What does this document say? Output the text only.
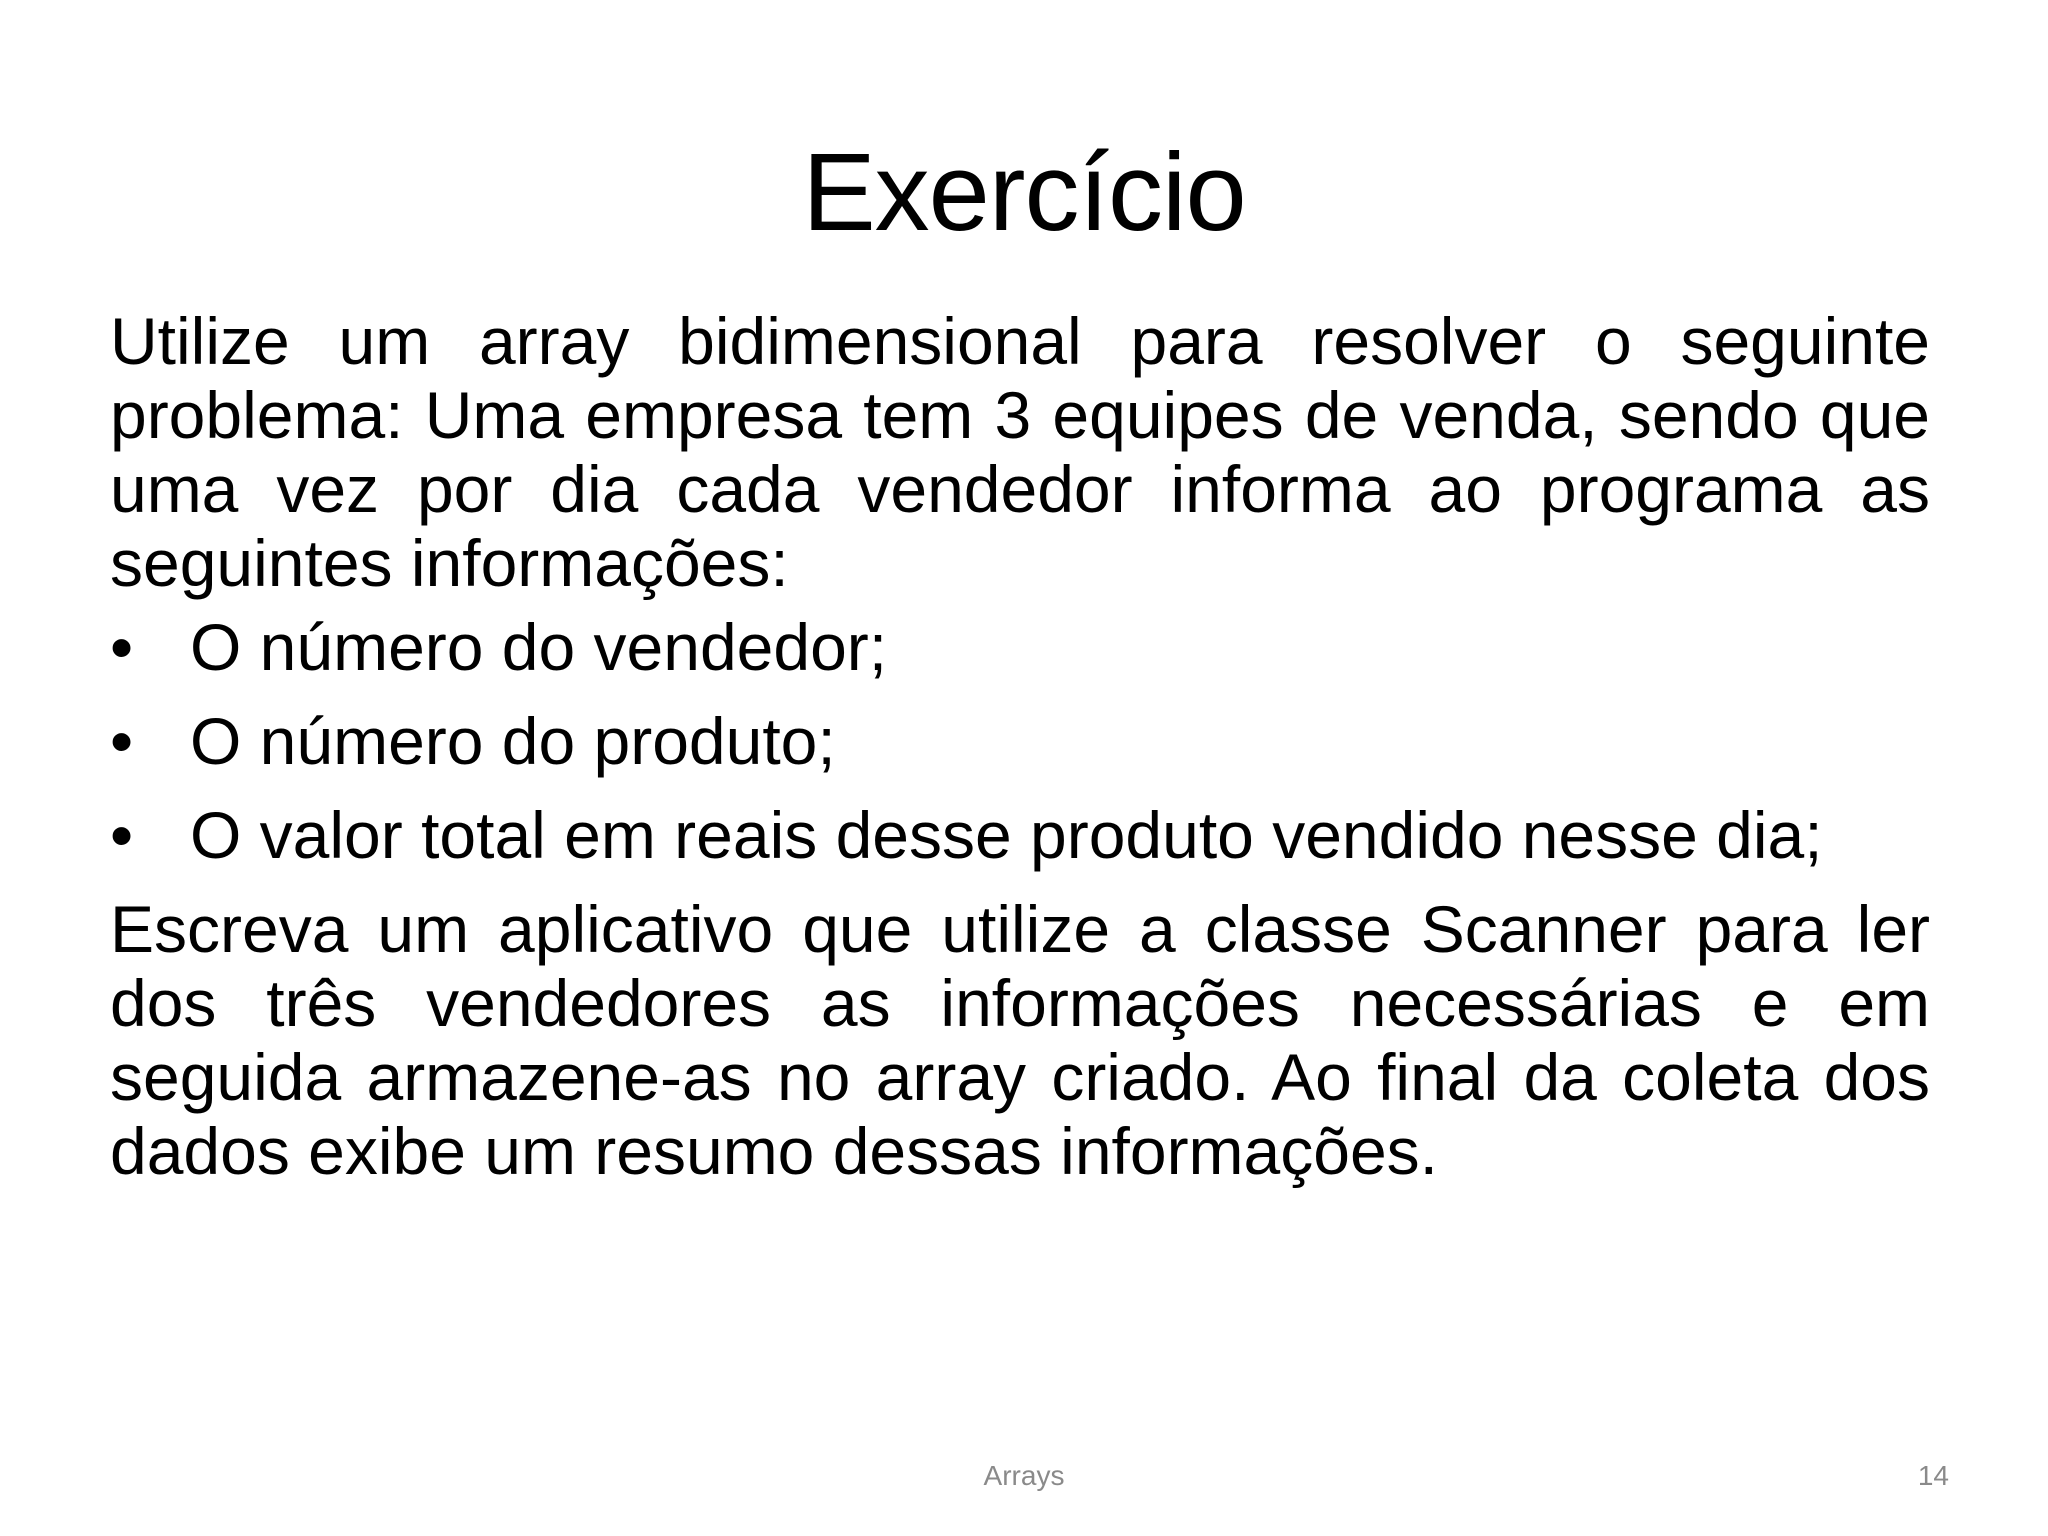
Exercício

Utilize um array bidimensional para resolver o seguinte problema: Uma empresa tem 3 equipes de venda, sendo que uma vez por dia cada vendedor informa ao programa as seguintes informações:

• O número do vendedor;
• O número do produto;
• O valor total em reais desse produto vendido nesse dia;

Escreva um aplicativo que utilize a classe Scanner para ler dos três vendedores as informações necessárias e em seguida armazene-as no array criado. Ao final da coleta dos dados exibe um resumo dessas informações.

Arrays	14
